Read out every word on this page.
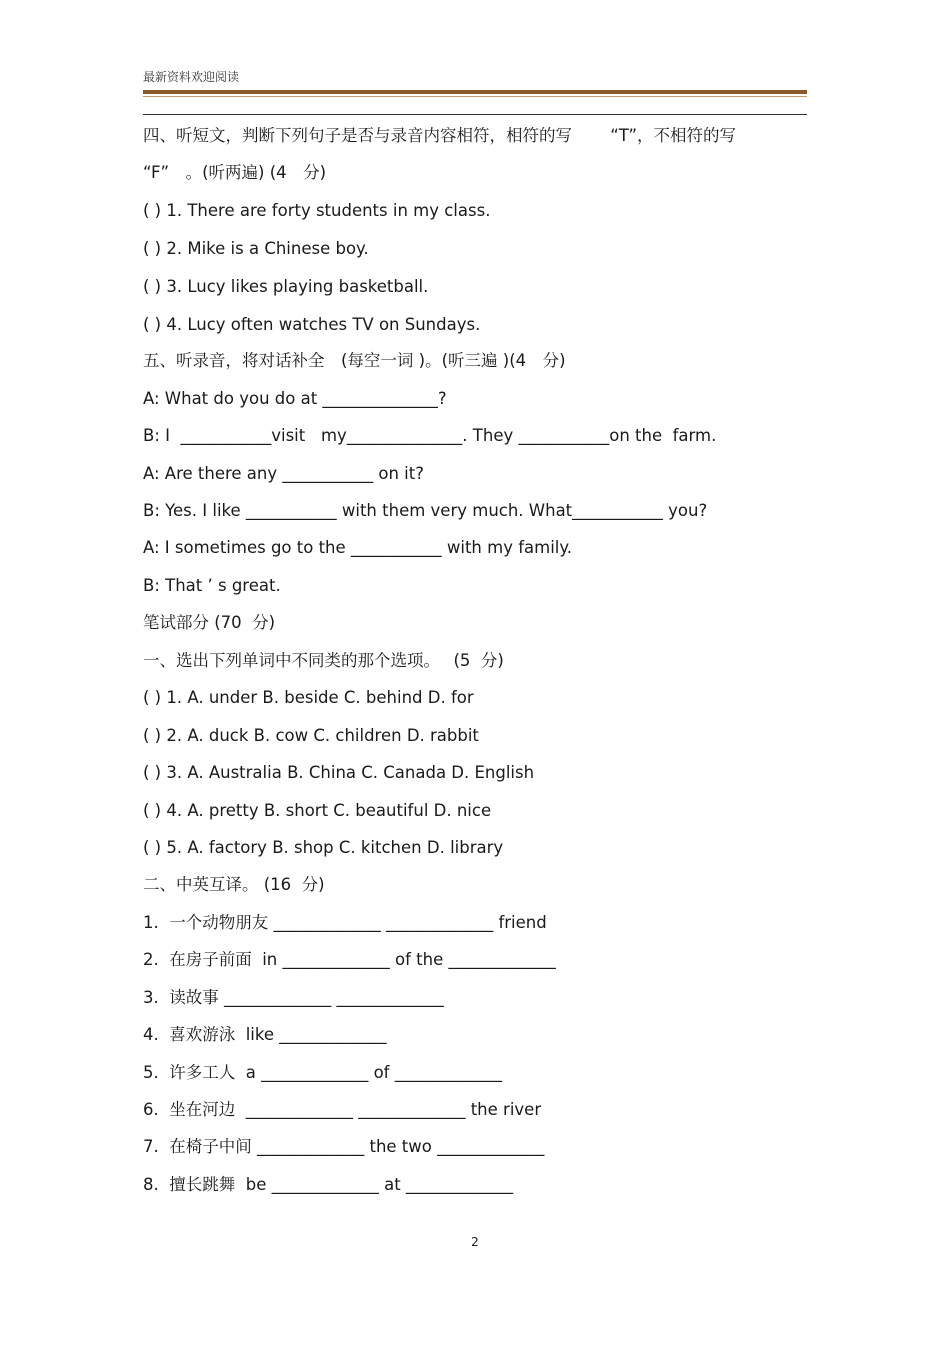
最新资料欢迎阅读
四、听短文，判断下列句子是否与录音内容相符，相符的写　　 “T”，不相符的写
“F”　。(听两遍) (4　分)
( ) 1. There are forty students in my class.
( ) 2. Mike is a Chinese boy.
( ) 3. Lucy likes playing basketball.
( ) 4. Lucy often watches TV on Sundays.
五、听录音，将对话补全　(每空一词 )。(听三遍 )(4　分)
A: What do you do at ______________?
B: I  ___________visit   my______________. They ___________on the  farm.
A: Are there any ___________ on it?
B: Yes. I like ___________ with them very much. What___________ you?
A: I sometimes go to the ___________ with my family.
B: That ’ s great.
笔试部分 (70  分)
一、选出下列单词中不同类的那个选项。　 (5  分)
( ) 1. A. under B. beside C. behind D. for
( ) 2. A. duck B. cow C. children D. rabbit
( ) 3. A. Australia B. China C. Canada D. English
( ) 4. A. pretty B. short C. beautiful D. nice
( ) 5. A. factory B. shop C. kitchen D. library
二、中英互译。 (16  分)
1.  一个动物朋友 _____________ _____________ friend
2.  在房子前面  in _____________ of the _____________
3.  读故事 _____________ _____________
4.  喜欢游泳  like _____________
5.  许多工人  a _____________ of _____________
6.  坐在河边  _____________ _____________ the river
7.  在椅子中间 _____________ the two _____________
8.  擅长跳舞  be _____________ at _____________
2
